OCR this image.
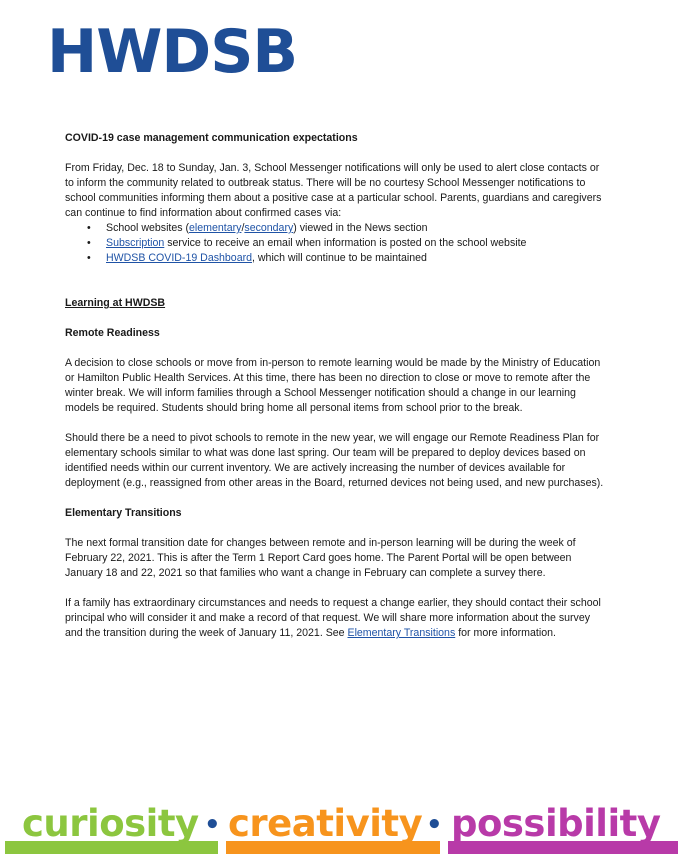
HWDSB

COVID-19 case management communication expectations

From Friday, Dec. 18 to Sunday, Jan. 3, School Messenger notifications will only be used to alert close contacts or to inform the community related to outbreak status. There will be no courtesy School Messenger notifications to school communities informing them about a positive case at a particular school. Parents, guardians and caregivers can continue to find information about confirmed cases via:

• School websites (elementary/secondary) viewed in the News section
• Subscription service to receive an email when information is posted on the school website
• HWDSB COVID-19 Dashboard, which will continue to be maintained

Learning at HWDSB

Remote Readiness

A decision to close schools or move from in-person to remote learning would be made by the Ministry of Education or Hamilton Public Health Services. At this time, there has been no direction to close or move to remote after the winter break. We will inform families through a School Messenger notification should a change in our learning models be required. Students should bring home all personal items from school prior to the break.

Should there be a need to pivot schools to remote in the new year, we will engage our Remote Readiness Plan for elementary schools similar to what was done last spring. Our team will be prepared to deploy devices based on identified needs within our current inventory. We are actively increasing the number of devices available for deployment (e.g., reassigned from other areas in the Board, returned devices not being used, and new purchases).

Elementary Transitions

The next formal transition date for changes between remote and in-person learning will be during the week of February 22, 2021. This is after the Term 1 Report Card goes home. The Parent Portal will be open between January 18 and 22, 2021 so that families who want a change in February can complete a survey there.

If a family has extraordinary circumstances and needs to request a change earlier, they should contact their school principal who will consider it and make a record of that request. We will share more information about the survey and the transition during the week of January 11, 2021. See Elementary Transitions for more information.

curiosity • creativity • possibility
